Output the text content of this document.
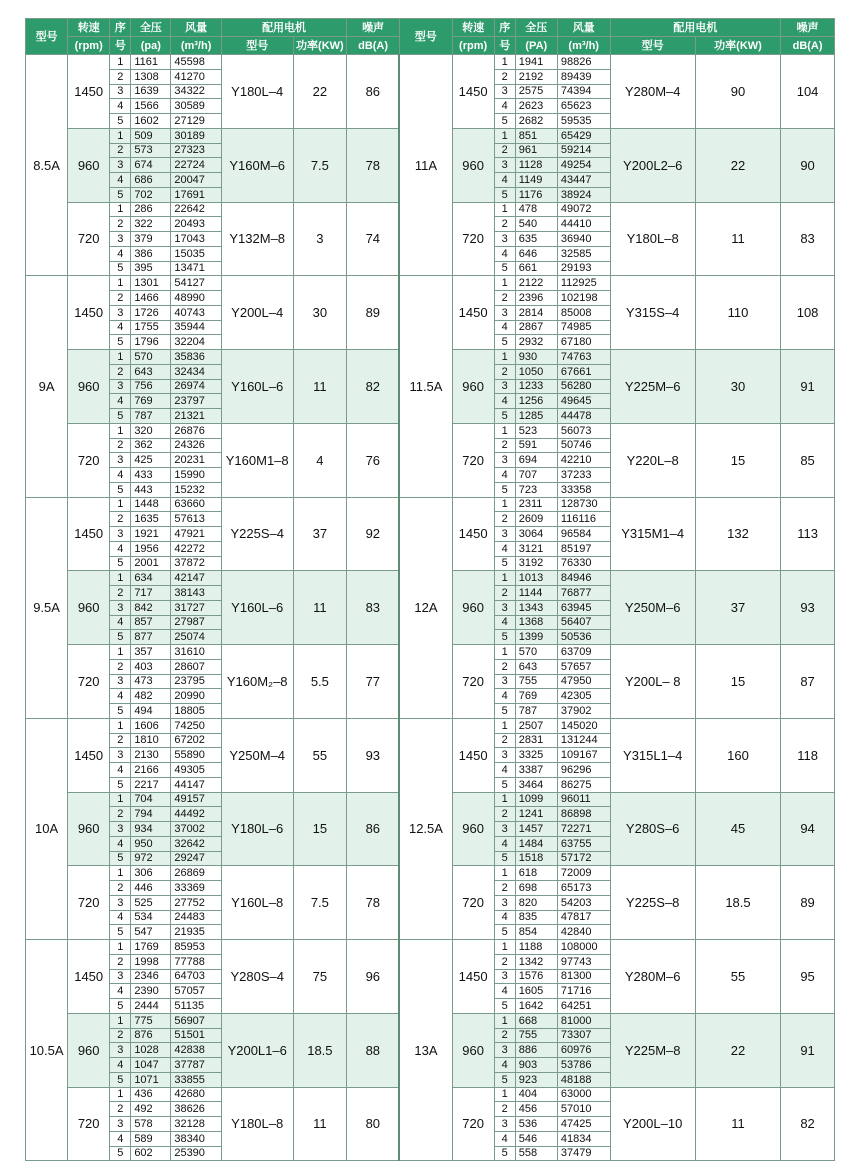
型号	转速	序	全压	风量	配用电机		噪声	型号	转速	序	全压	风量	配用电机		噪声
	(rpm)	号	(pa)	(m³/h)	型号	功率(KW)	dB(A)		(rpm)	号	(PA)	(m³/h)	型号	功率(KW)	dB(A)
8.5A	1450	1	1161	45598	Y180L–4	22	86	11A	1450	1	1941	98826	Y280M–4	90	104
		2	1308	41270						2	2192	89439			
		3	1639	34322						3	2575	74394			
		4	1566	30589						4	2623	65623			
		5	1602	27129						5	2682	59535			
	960	1	509	30189	Y160M–6	7.5	78		960	1	851	65429	Y200L2–6	22	90
		2	573	27323						2	961	59214			
		3	674	22724						3	1128	49254			
		4	686	20047						4	1149	43447			
		5	702	17691						5	1176	38924			
	720	1	286	22642	Y132M–8	3	74		720	1	478	49072	Y180L–8	11	83
		2	322	20493						2	540	44410			
		3	379	17043						3	635	36940			
		4	386	15035						4	646	32585			
		5	395	13471						5	661	29193			
9A	1450	1	1301	54127	Y200L–4	30	89	11.5A	1450	1	2122	112925	Y315S–4	110	108
		2	1466	48990						2	2396	102198			
		3	1726	40743						3	2814	85008			
		4	1755	35944						4	2867	74985			
		5	1796	32204						5	2932	67180			
	960	1	570	35836	Y160L–6	11	82		960	1	930	74763	Y225M–6	30	91
		2	643	32434						2	1050	67661			
		3	756	26974						3	1233	56280			
		4	769	23797						4	1256	49645			
		5	787	21321						5	1285	44478			
	720	1	320	26876	Y160M1–8	4	76		720	1	523	56073	Y220L–8	15	85
		2	362	24326						2	591	50746			
		3	425	20231						3	694	42210			
		4	433	15990						4	707	37233			
		5	443	15232						5	723	33358			
9.5A	1450	1	1448	63660	Y225S–4	37	92	12A	1450	1	2311	128730	Y315M1–4	132	113
		2	1635	57613						2	2609	116116			
		3	1921	47921						3	3064	96584			
		4	1956	42272						4	3121	85197			
		5	2001	37872						5	3192	76330			
	960	1	634	42147	Y160L–6	11	83		960	1	1013	84946	Y250M–6	37	93
		2	717	38143						2	1144	76877			
		3	842	31727						3	1343	63945			
		4	857	27987						4	1368	56407			
		5	877	25074						5	1399	50536			
	720	1	357	31610	Y160M₂–8	5.5	77		720	1	570	63709	Y200L– 8	15	87
		2	403	28607						2	643	57657			
		3	473	23795						3	755	47950			
		4	482	20990						4	769	42305			
		5	494	18805						5	787	37902			
10A	1450	1	1606	74250	Y250M–4	55	93	12.5A	1450	1	2507	145020	Y315L1–4	160	118
		2	1810	67202						2	2831	131244			
		3	2130	55890						3	3325	109167			
		4	2166	49305						4	3387	96296			
		5	2217	44147						5	3464	86275			
	960	1	704	49157	Y180L–6	15	86		960	1	1099	96011	Y280S–6	45	94
		2	794	44492						2	1241	86898			
		3	934	37002						3	1457	72271			
		4	950	32642						4	1484	63755			
		5	972	29247						5	1518	57172			
	720	1	306	26869	Y160L–8	7.5	78		720	1	618	72009	Y225S–8	18.5	89
		2	446	33369						2	698	65173			
		3	525	27752						3	820	54203			
		4	534	24483						4	835	47817			
		5	547	21935						5	854	42840			
10.5A	1450	1	1769	85953	Y280S–4	75	96	13A	1450	1	1188	108000	Y280M–6	55	95
		2	1998	77788						2	1342	97743			
		3	2346	64703						3	1576	81300			
		4	2390	57057						4	1605	71716			
		5	2444	51135						5	1642	64251			
	960	1	775	56907	Y200L1–6	18.5	88		960	1	668	81000	Y225M–8	22	91
		2	876	51501						2	755	73307			
		3	1028	42838						3	886	60976			
		4	1047	37787						4	903	53786			
		5	1071	33855						5	923	48188			
	720	1	436	42680	Y180L–8	11	80		720	1	404	63000	Y200L–10	11	82
		2	492	38626						2	456	57010			
		3	578	32128						3	536	47425			
		4	589	38340						4	546	41834			
		5	602	25390						5	558	37479			
